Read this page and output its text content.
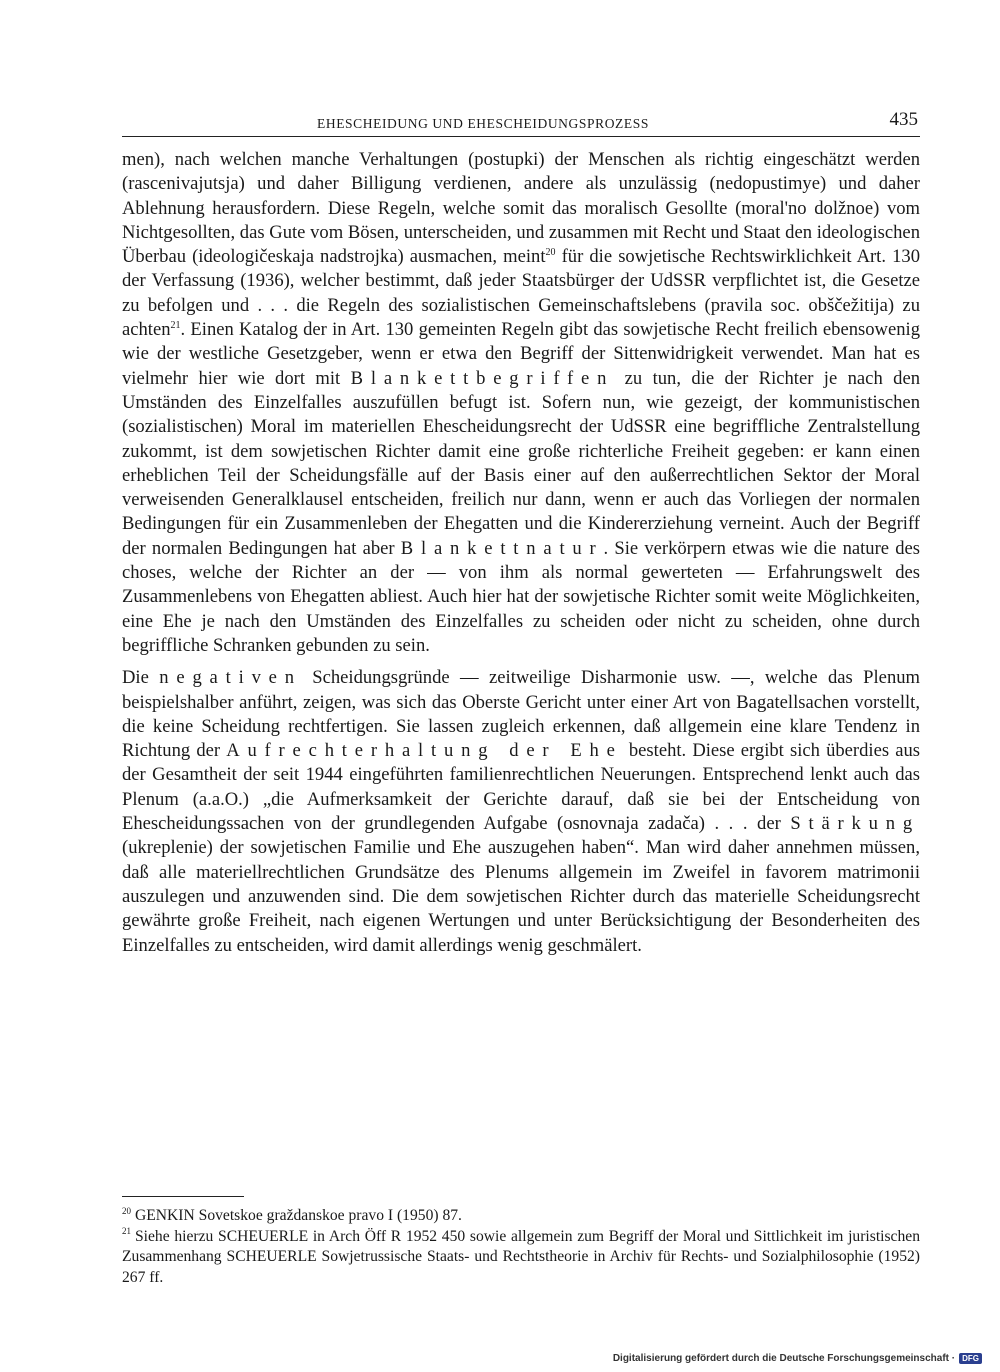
EHESCHEIDUNG UND EHESCHEIDUNGSPROZESS	435

men), nach welchen manche Verhaltungen (postupki) der Menschen als richtig eingeschätzt werden (rascenivajutsja) und daher Billigung verdienen, andere als unzulässig (nedopustimye) und daher Ablehnung herausfordern. Diese Regeln, welche somit das moralisch Gesollte (moral'no dolžnoe) vom Nichtgesollten, das Gute vom Bösen, unterscheiden, und zusammen mit Recht und Staat den ideologischen Überbau (ideologičeskaja nadstrojka) ausmachen, meint$^{20}$ für die sowjetische Rechtswirklichkeit Art. 130 der Verfassung (1936), welcher bestimmt, daß jeder Staatsbürger der UdSSR verpflichtet ist, die Gesetze zu befolgen und . . . die Regeln des sozialistischen Gemeinschaftslebens (pravila soc. obščežitija) zu achten$^{21}$. Einen Katalog der in Art. 130 gemeinten Regeln gibt das sowjetische Recht freilich ebensowenig wie der westliche Gesetzgeber, wenn er etwa den Begriff der Sittenwidrigkeit verwendet. Man hat es vielmehr hier wie dort mit Blankettbegriffen zu tun, die der Richter je nach den Umständen des Einzelfalles auszufüllen befugt ist. Sofern nun, wie gezeigt, der kommunistischen (sozialistischen) Moral im materiellen Ehescheidungsrecht der UdSSR eine begriffliche Zentralstellung zukommt, ist dem sowjetischen Richter damit eine große richterliche Freiheit gegeben: er kann einen erheblichen Teil der Scheidungsfälle auf der Basis einer auf den außerrechtlichen Sektor der Moral verweisenden Generalklausel entscheiden, freilich nur dann, wenn er auch das Vorliegen der normalen Bedingungen für ein Zusammenleben der Ehegatten und die Kindererziehung verneint. Auch der Begriff der normalen Bedingungen hat aber Blankettnatur. Sie verkörpern etwas wie die nature des choses, welche der Richter an der — von ihm als normal gewerteten — Erfahrungswelt des Zusammenlebens von Ehegatten abliest. Auch hier hat der sowjetische Richter somit weite Möglichkeiten, eine Ehe je nach den Umständen des Einzelfalles zu scheiden oder nicht zu scheiden, ohne durch begriffliche Schranken gebunden zu sein.

Die negativen Scheidungsgründe — zeitweilige Disharmonie usw. —, welche das Plenum beispielshalber anführt, zeigen, was sich das Oberste Gericht unter einer Art von Bagatellsachen vorstellt, die keine Scheidung rechtfertigen. Sie lassen zugleich erkennen, daß allgemein eine klare Tendenz in Richtung der Aufrechterhaltung der Ehe besteht. Diese ergibt sich überdies aus der Gesamtheit der seit 1944 eingeführten familienrechtlichen Neuerungen. Entsprechend lenkt auch das Plenum (a.a.O.) „die Aufmerksamkeit der Gerichte darauf, daß sie bei der Entscheidung von Ehescheidungssachen von der grundlegenden Aufgabe (osnovnaja zadača) . . . der Stärkung (ukreplenie) der sowjetischen Familie und Ehe auszugehen haben“. Man wird daher annehmen müssen, daß alle materiellrechtlichen Grundsätze des Plenums allgemein im Zweifel in favorem matrimonii auszulegen und anzuwenden sind. Die dem sowjetischen Richter durch das materielle Scheidungsrecht gewährte große Freiheit, nach eigenen Wertungen und unter Berücksichtigung der Besonderheiten des Einzelfalles zu entscheiden, wird damit allerdings wenig geschmälert.

$^{20}$ GENKIN Sovetskoe graždanskoe pravo I (1950) 87.

$^{21}$ Siehe hierzu SCHEUERLE in Arch Öff R 1952 450 sowie allgemein zum Begriff der Moral und Sittlichkeit im juristischen Zusammenhang SCHEUERLE Sowjetrussische Staats- und Rechtstheorie in Archiv für Rechts- und Sozialphilosophie (1952) 267 ff.

Digitalisierung gefördert durch die Deutsche Forschungsgemeinschaft · DFG
